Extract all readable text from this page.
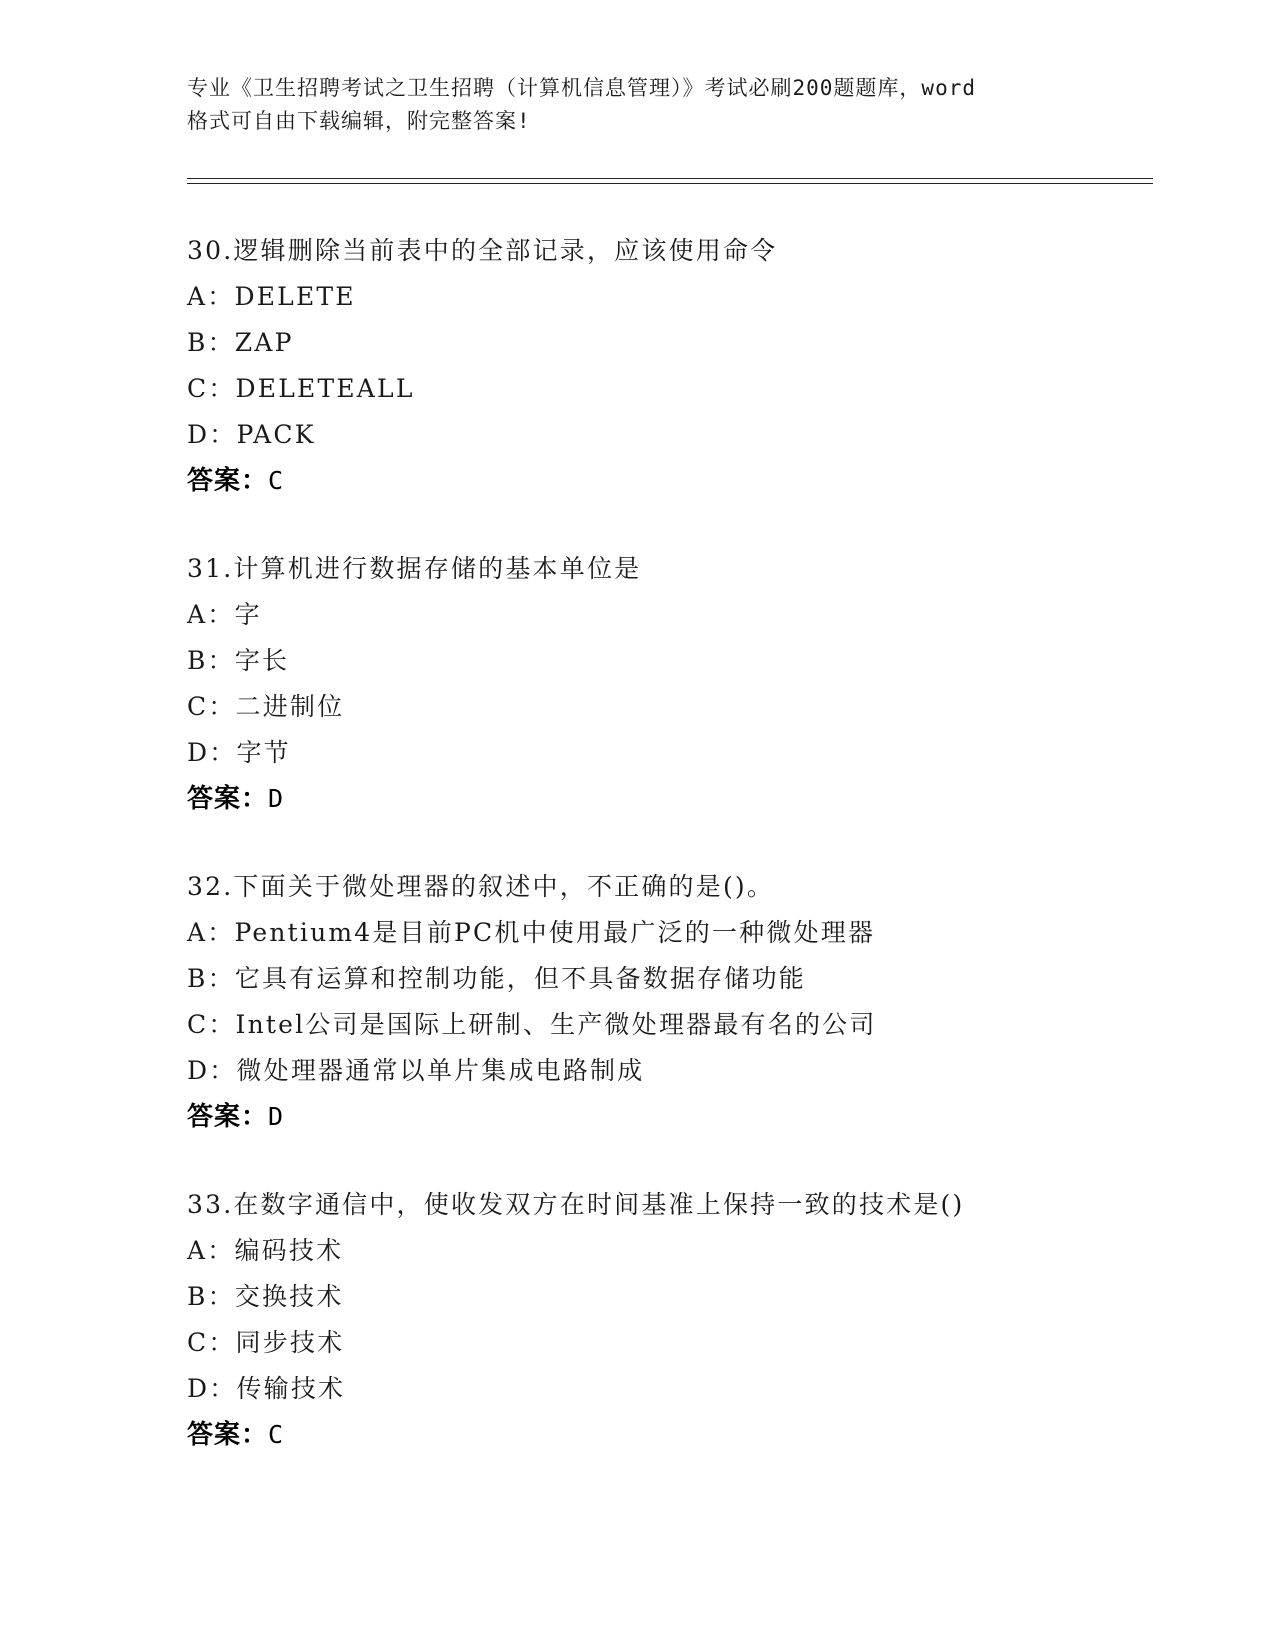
专业《卫生招聘考试之卫生招聘（计算机信息管理）》考试必刷200题题库，word
格式可自由下载编辑，附完整答案!
30.逻辑删除当前表中的全部记录，应该使用命令
A：DELETE
B：ZAP
C：DELETEALL
D：PACK
答案：C
31.计算机进行数据存储的基本单位是
A：字
B：字长
C：二进制位
D：字节
答案：D
32.下面关于微处理器的叙述中，不正确的是()。
A：Pentium4是目前PC机中使用最广泛的一种微处理器
B：它具有运算和控制功能，但不具备数据存储功能
C：Intel公司是国际上研制、生产微处理器最有名的公司
D：微处理器通常以单片集成电路制成
答案：D
33.在数字通信中，使收发双方在时间基准上保持一致的技术是()
A：编码技术
B：交换技术
C：同步技术
D：传输技术
答案：C
